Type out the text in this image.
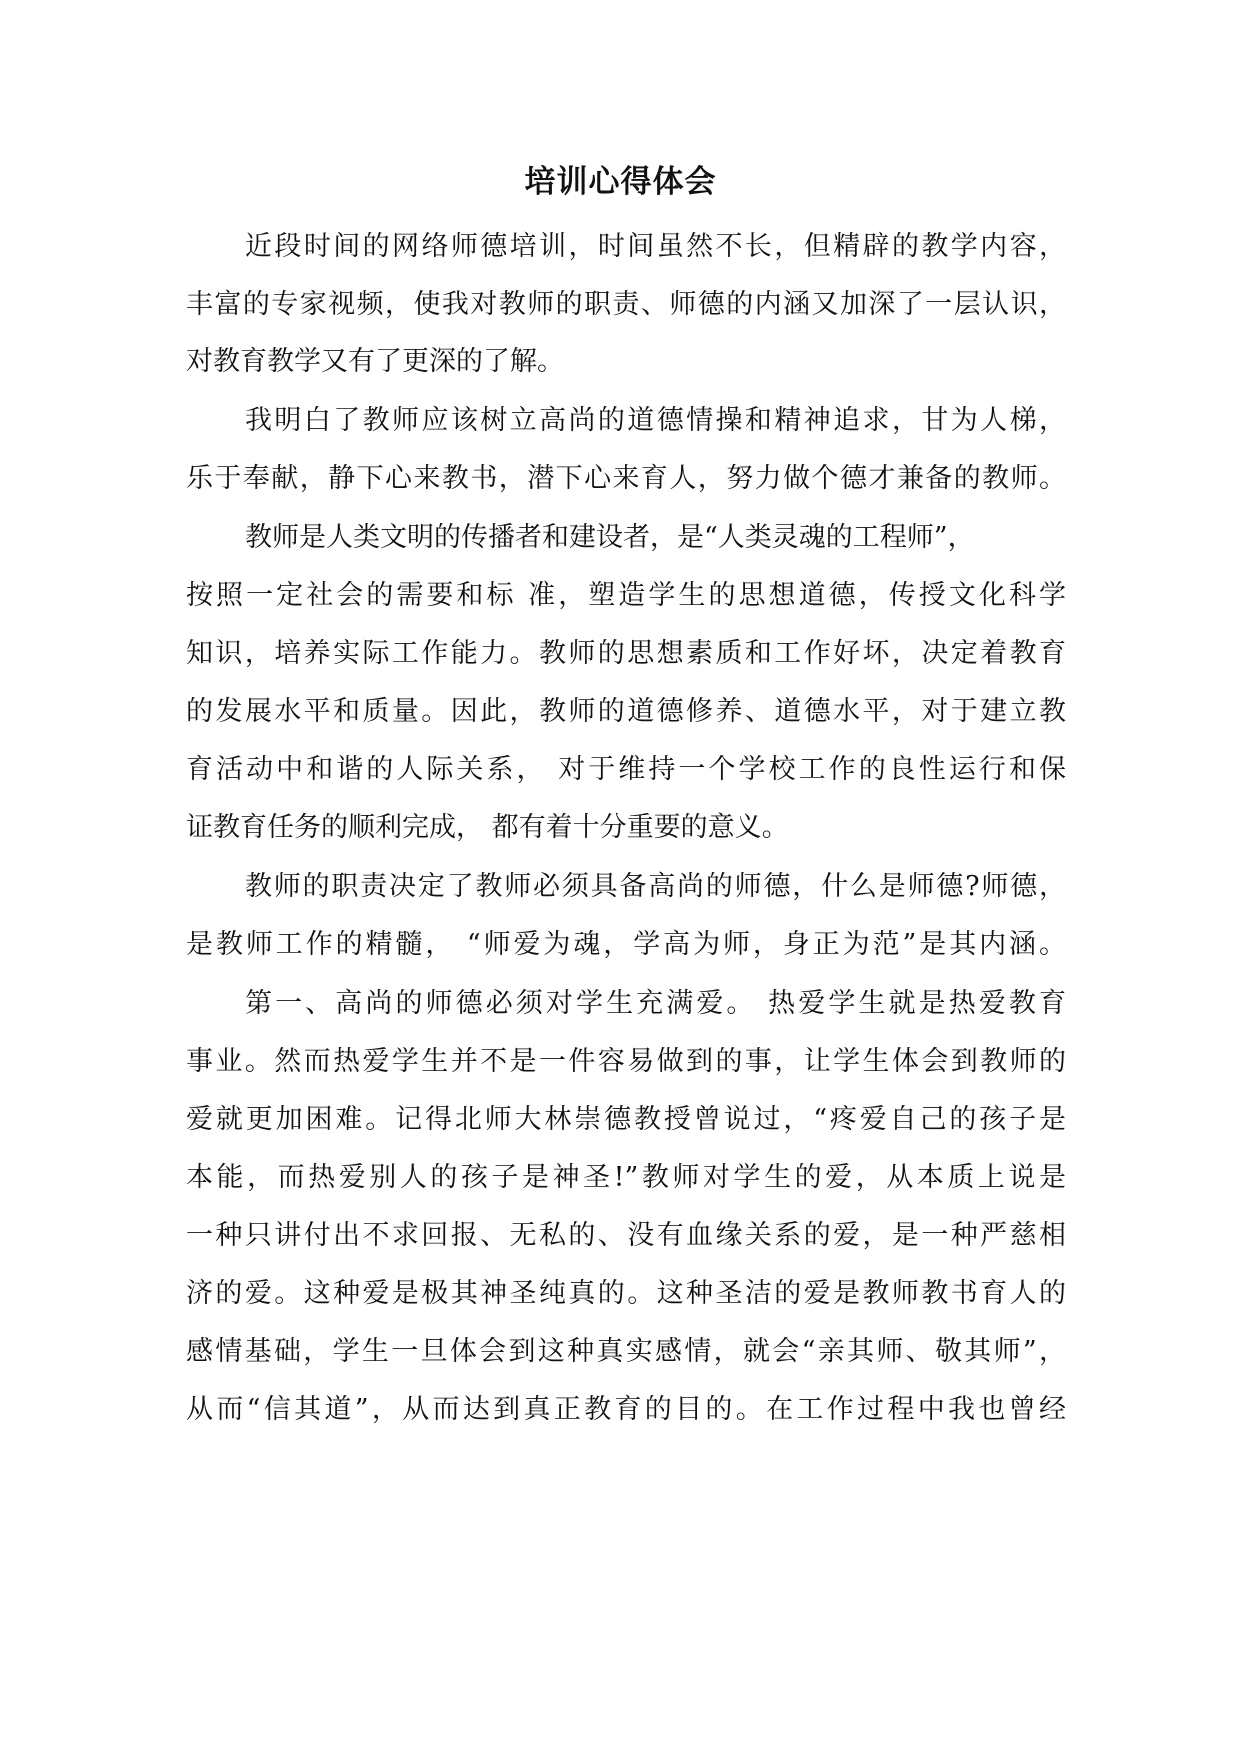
培训心得体会
近段时间的网络师德培训，时间虽然不长，但精辟的教学内容，
丰富的专家视频，使我对教师的职责、师德的内涵又加深了一层认识，
对教育教学又有了更深的了解。
我明白了教师应该树立高尚的道德情操和精神追求，甘为人梯，
乐于奉献，静下心来教书，潜下心来育人，努力做个德才兼备的教师。
教师是人类文明的传播者和建设者，是“人类灵魂的工程师”，
按照一定社会的需要和标 准，塑造学生的思想道德，传授文化科学
知识，培养实际工作能力。教师的思想素质和工作好坏，决定着教育
的发展水平和质量。因此，教师的道德修养、道德水平，对于建立教
育活动中和谐的人际关系， 对于维持一个学校工作的良性运行和保
证教育任务的顺利完成， 都有着十分重要的意义。
教师的职责决定了教师必须具备高尚的师德，什么是师德?师德，
是教师工作的精髓， “师爱为魂，学高为师，身正为范”是其内涵。
第一、高尚的师德必须对学生充满爱。 热爱学生就是热爱教育
事业。然而热爱学生并不是一件容易做到的事，让学生体会到教师的
爱就更加困难。记得北师大林崇德教授曾说过，“疼爱自己的孩子是
本能，而热爱别人的孩子是神圣!”教师对学生的爱，从本质上说是
一种只讲付出不求回报、无私的、没有血缘关系的爱，是一种严慈相
济的爱。这种爱是极其神圣纯真的。这种圣洁的爱是教师教书育人的
感情基础，学生一旦体会到这种真实感情，就会“亲其师、敬其师”，
从而“信其道”，从而达到真正教育的目的。在工作过程中我也曾经
